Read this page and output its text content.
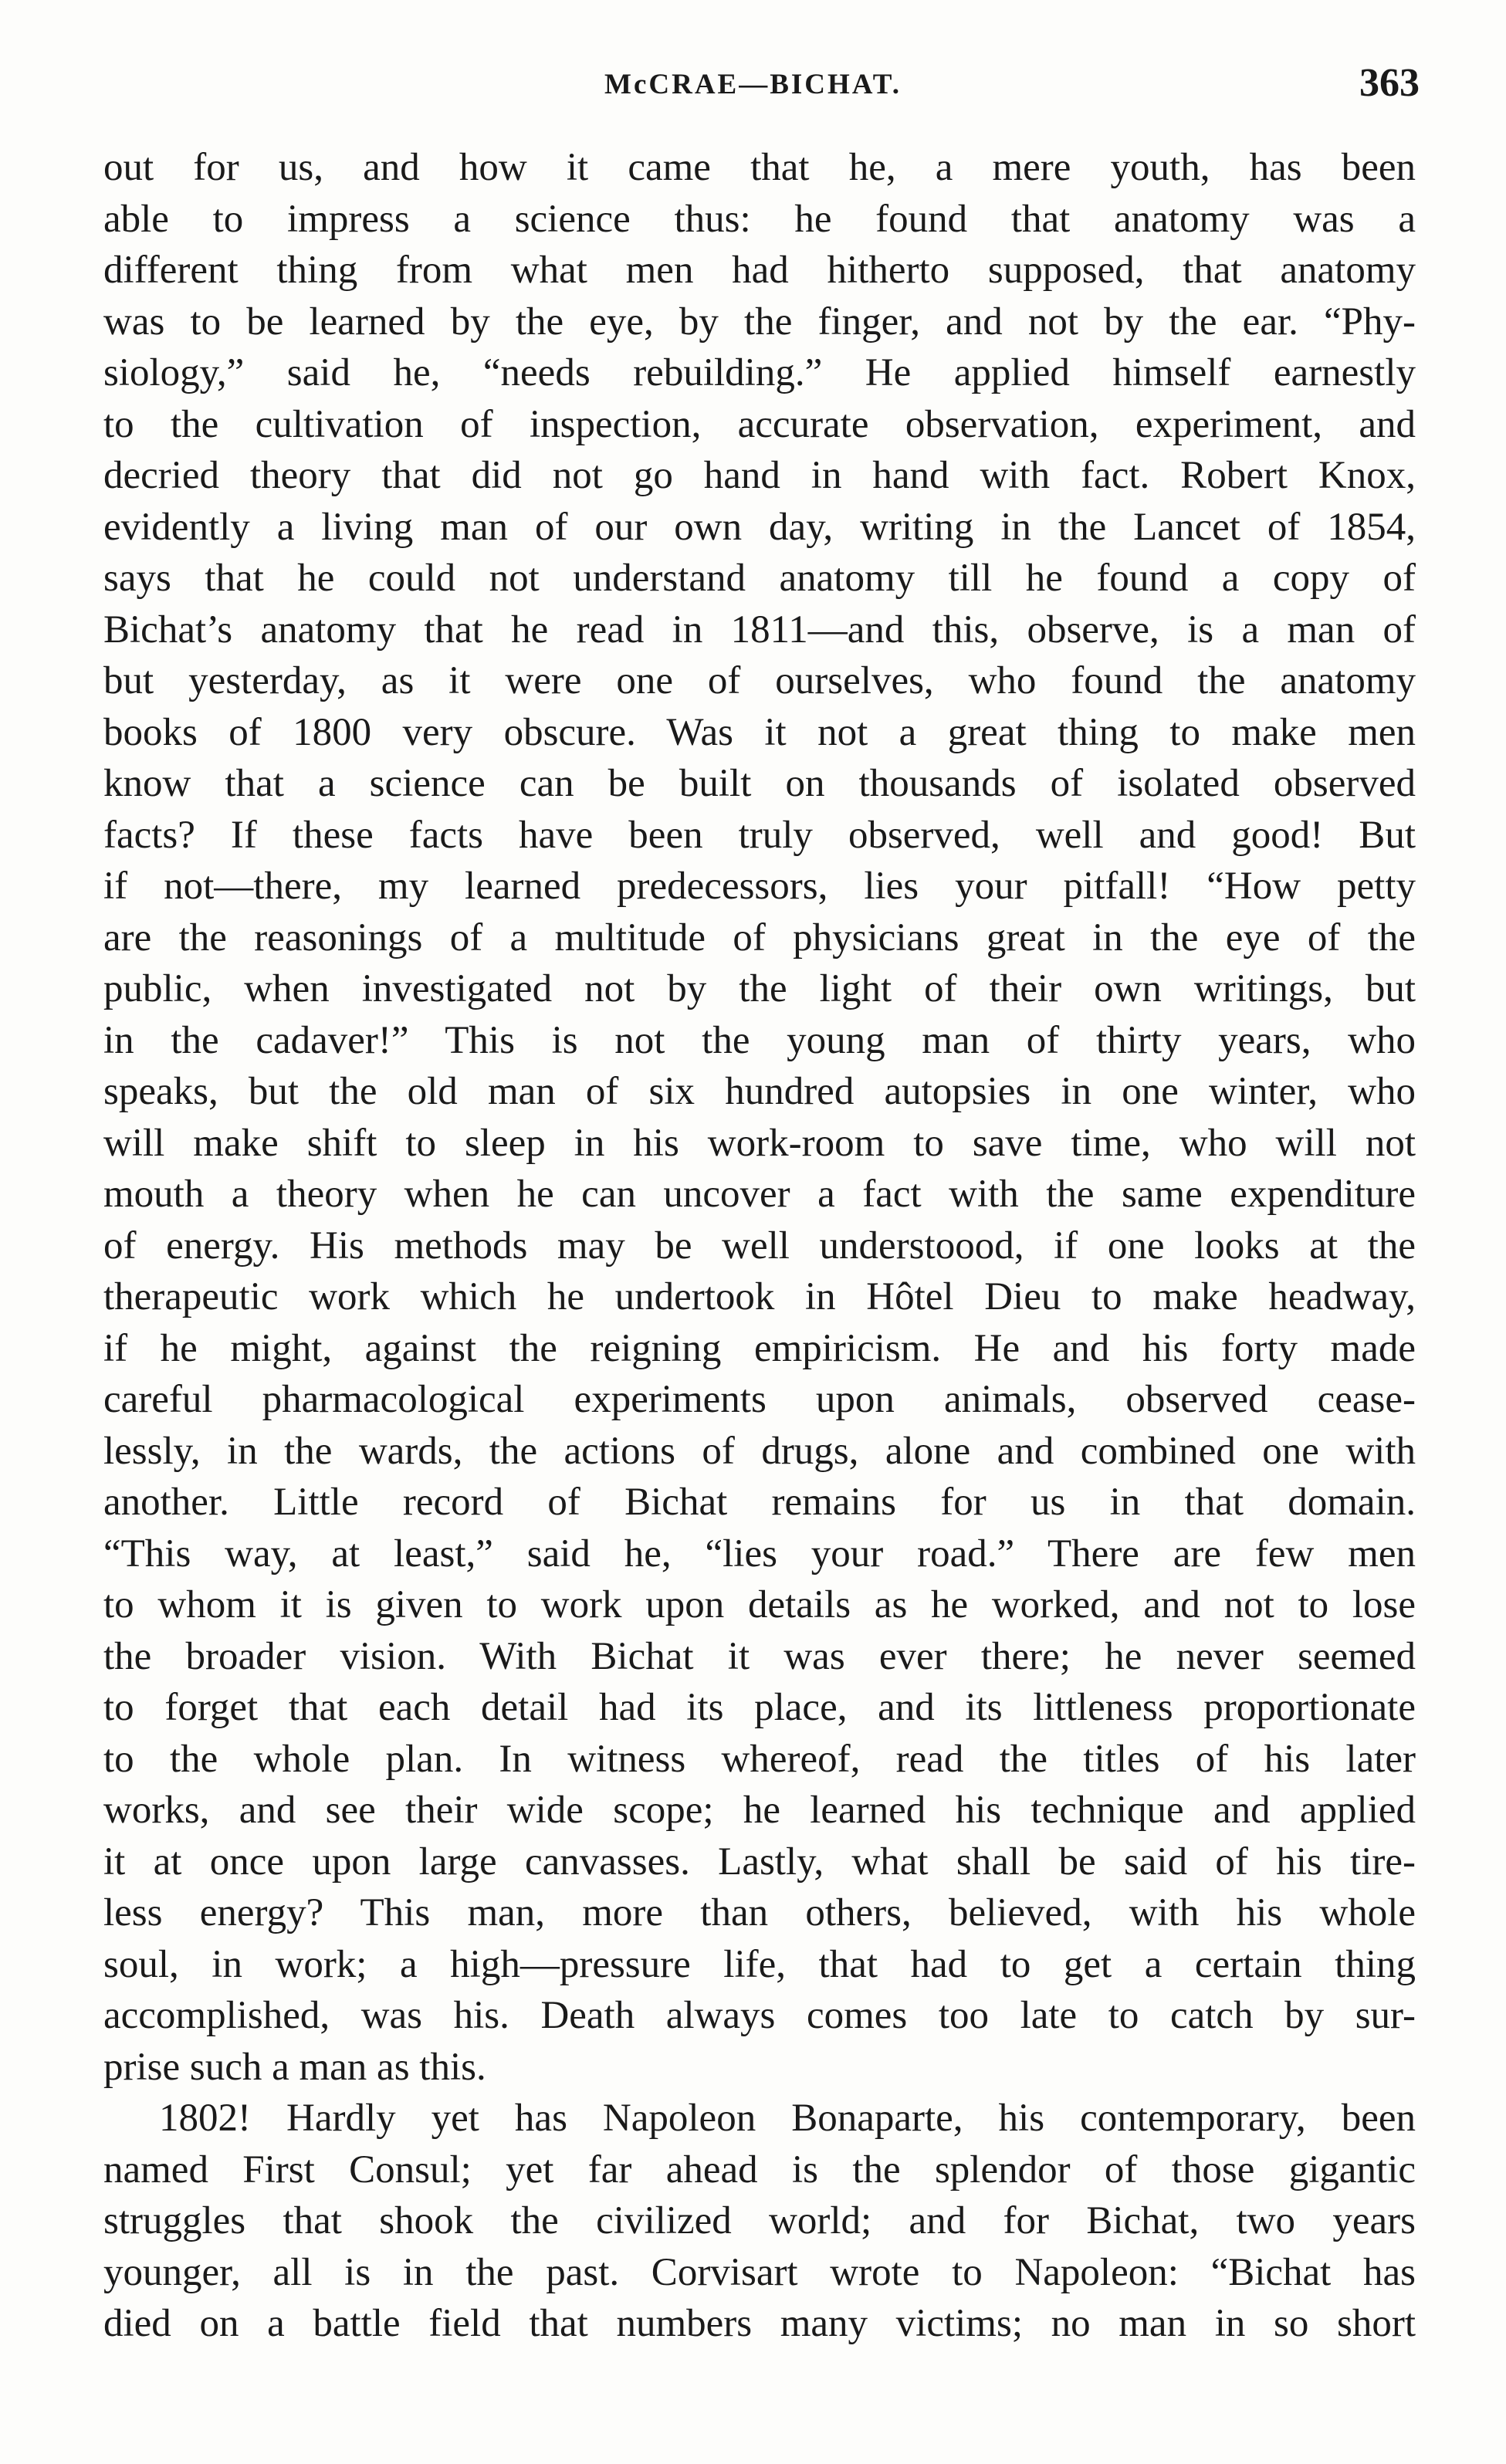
McCRAE—BICHAT.	363
out for us, and how it came that he, a mere youth, has been
able to impress a science thus: he found that anatomy was a
different thing from what men had hitherto supposed, that anatomy
was to be learned by the eye, by the finger, and not by the ear. “Phy-
siology,” said he, “needs rebuilding.” He applied himself earnestly
to the cultivation of inspection, accurate observation, experiment, and
decried theory that did not go hand in hand with fact. Robert Knox,
evidently a living man of our own day, writing in the Lancet of 1854,
says that he could not understand anatomy till he found a copy of
Bichat’s anatomy that he read in 1811—and this, observe, is a man of
but yesterday, as it were one of ourselves, who found the anatomy
books of 1800 very obscure. Was it not a great thing to make men
know that a science can be built on thousands of isolated observed
facts? If these facts have been truly observed, well and good! But
if not—there, my learned predecessors, lies your pitfall! “How petty
are the reasonings of a multitude of physicians great in the eye of the
public, when investigated not by the light of their own writings, but
in the cadaver!” This is not the young man of thirty years, who
speaks, but the old man of six hundred autopsies in one winter, who
will make shift to sleep in his work-room to save time, who will not
mouth a theory when he can uncover a fact with the same expenditure
of energy. His methods may be well understoood, if one looks at the
therapeutic work which he undertook in Hôtel Dieu to make headway,
if he might, against the reigning empiricism. He and his forty made
careful pharmacological experiments upon animals, observed cease-
lessly, in the wards, the actions of drugs, alone and combined one with
another. Little record of Bichat remains for us in that domain.
“This way, at least,” said he, “lies your road.” There are few men
to whom it is given to work upon details as he worked, and not to lose
the broader vision. With Bichat it was ever there; he never seemed
to forget that each detail had its place, and its littleness proportionate
to the whole plan. In witness whereof, read the titles of his later
works, and see their wide scope; he learned his technique and applied
it at once upon large canvasses. Lastly, what shall be said of his tire-
less energy? This man, more than others, believed, with his whole
soul, in work; a high—pressure life, that had to get a certain thing
accomplished, was his. Death always comes too late to catch by sur-
prise such a man as this.
1802! Hardly yet has Napoleon Bonaparte, his contemporary, been
named First Consul; yet far ahead is the splendor of those gigantic
struggles that shook the civilized world; and for Bichat, two years
younger, all is in the past. Corvisart wrote to Napoleon: “Bichat has
died on a battle field that numbers many victims; no man in so short
